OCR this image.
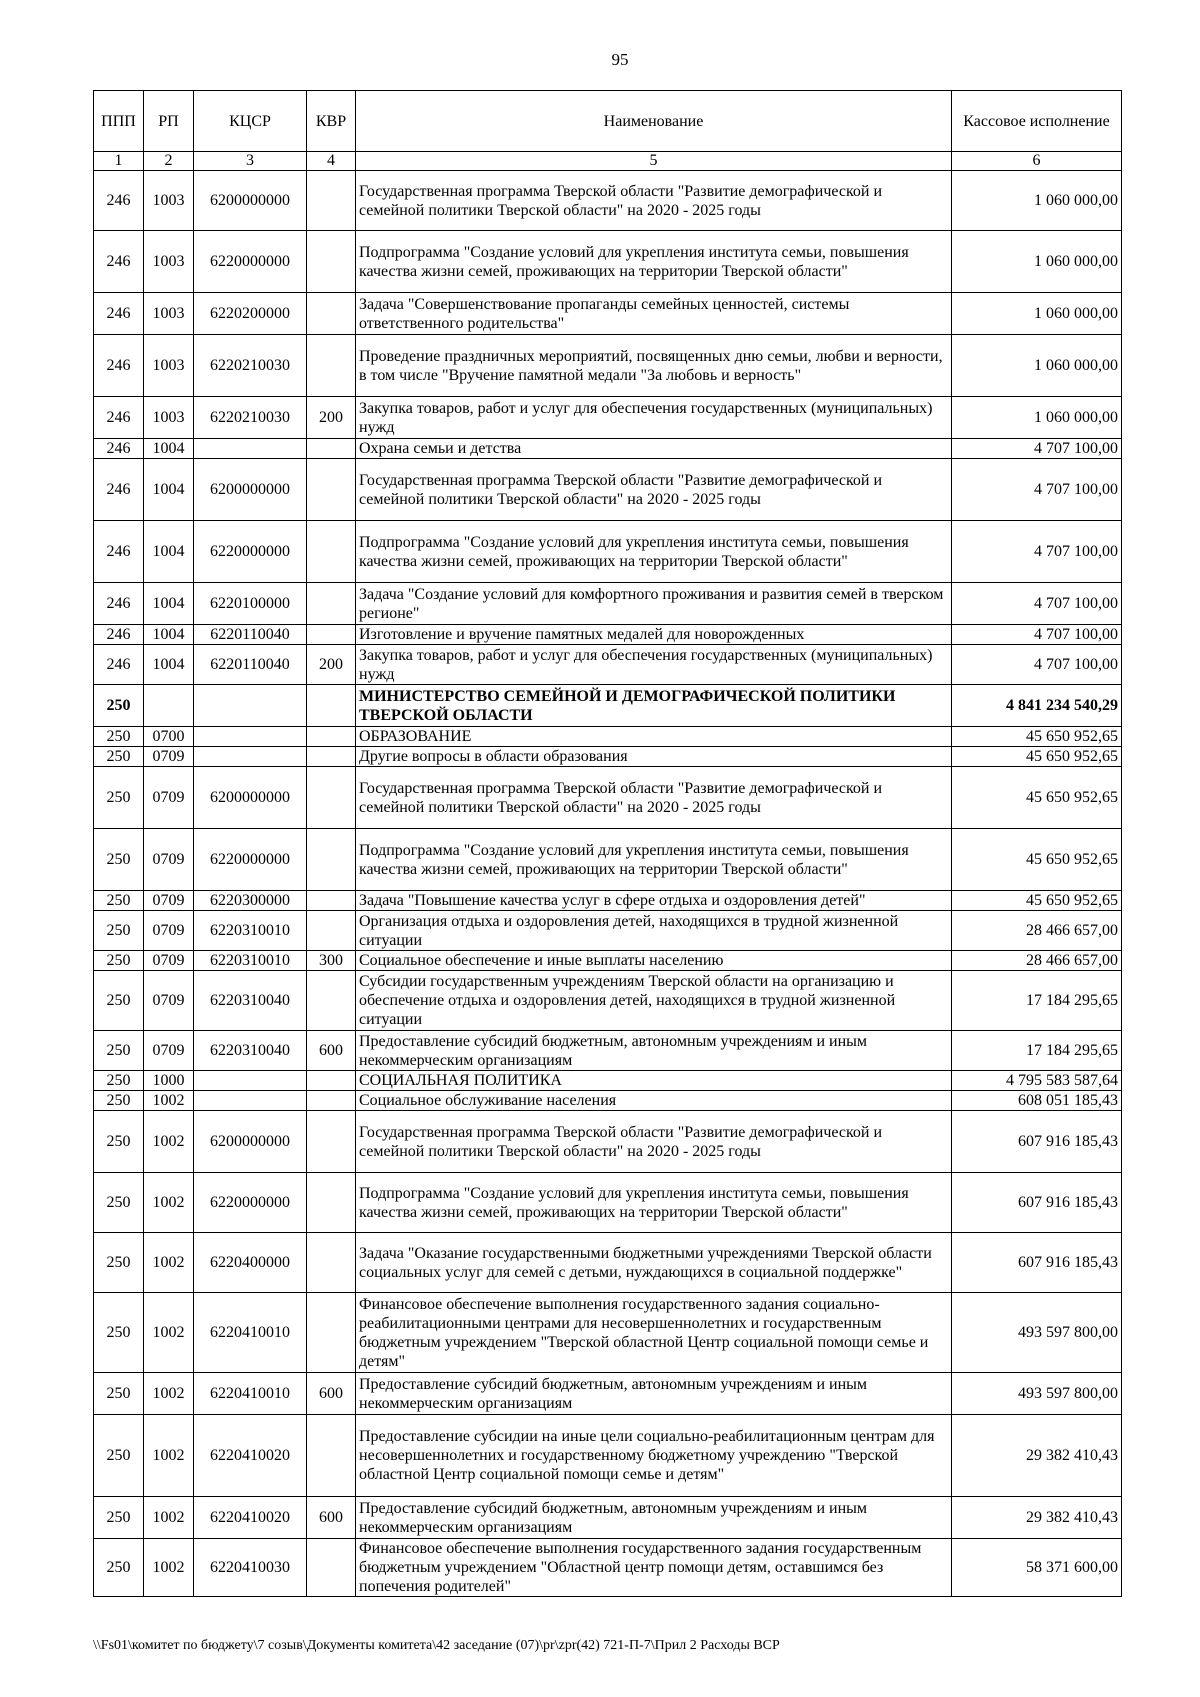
95
ППП	РП	КЦСР	КВР	Наименование	Кассовое исполнение
1	2	3	4	5	6
246	1003	6200000000		Государственная программа Тверской области "Развитие демографической и семейной политики Тверской области" на 2020 - 2025 годы	1 060 000,00
246	1003	6220000000		Подпрограмма "Создание условий для укрепления института семьи, повышения качества жизни семей, проживающих на территории Тверской области"	1 060 000,00
246	1003	6220200000		Задача "Совершенствование пропаганды семейных ценностей, системы ответственного родительства"	1 060 000,00
246	1003	6220210030		Проведение праздничных мероприятий, посвященных дню семьи, любви и верности, в том числе "Вручение памятной медали "За любовь и верность"	1 060 000,00
246	1003	6220210030	200	Закупка товаров, работ и услуг для обеспечения государственных (муниципальных) нужд	1 060 000,00
246	1004			Охрана семьи и детства	4 707 100,00
246	1004	6200000000		Государственная программа Тверской области "Развитие демографической и семейной политики Тверской области" на 2020 - 2025 годы	4 707 100,00
246	1004	6220000000		Подпрограмма "Создание условий для укрепления института семьи, повышения качества жизни семей, проживающих на территории Тверской области"	4 707 100,00
246	1004	6220100000		Задача "Создание условий для комфортного проживания и развития семей в тверском регионе"	4 707 100,00
246	1004	6220110040		Изготовление и вручение памятных медалей для новорожденных	4 707 100,00
246	1004	6220110040	200	Закупка товаров, работ и услуг для обеспечения государственных (муниципальных) нужд	4 707 100,00
250				МИНИСТЕРСТВО СЕМЕЙНОЙ И ДЕМОГРАФИЧЕСКОЙ ПОЛИТИКИ ТВЕРСКОЙ ОБЛАСТИ	4 841 234 540,29
250	0700			ОБРАЗОВАНИЕ	45 650 952,65
250	0709			Другие вопросы в области образования	45 650 952,65
250	0709	6200000000		Государственная программа Тверской области "Развитие демографической и семейной политики Тверской области" на 2020 - 2025 годы	45 650 952,65
250	0709	6220000000		Подпрограмма "Создание условий для укрепления института семьи, повышения качества жизни семей, проживающих на территории Тверской области"	45 650 952,65
250	0709	6220300000		Задача "Повышение качества услуг в сфере отдыха и оздоровления детей"	45 650 952,65
250	0709	6220310010		Организация отдыха и оздоровления детей, находящихся в трудной жизненной ситуации	28 466 657,00
250	0709	6220310010	300	Социальное обеспечение и иные выплаты населению	28 466 657,00
250	0709	6220310040		Субсидии государственным учреждениям Тверской области на организацию и обеспечение отдыха и оздоровления детей, находящихся в трудной жизненной ситуации	17 184 295,65
250	0709	6220310040	600	Предоставление субсидий бюджетным, автономным учреждениям и иным некоммерческим организациям	17 184 295,65
250	1000			СОЦИАЛЬНАЯ ПОЛИТИКА	4 795 583 587,64
250	1002			Социальное обслуживание населения	608 051 185,43
250	1002	6200000000		Государственная программа Тверской области "Развитие демографической и семейной политики Тверской области" на 2020 - 2025 годы	607 916 185,43
250	1002	6220000000		Подпрограмма "Создание условий для укрепления института семьи, повышения качества жизни семей, проживающих на территории Тверской области"	607 916 185,43
250	1002	6220400000		Задача "Оказание государственными бюджетными учреждениями Тверской области социальных услуг для семей с детьми, нуждающихся в социальной поддержке"	607 916 185,43
250	1002	6220410010		Финансовое обеспечение выполнения государственного задания социально-реабилитационными центрами для несовершеннолетних и государственным бюджетным учреждением "Тверской областной Центр социальной помощи семье и детям"	493 597 800,00
250	1002	6220410010	600	Предоставление субсидий бюджетным, автономным учреждениям и иным некоммерческим организациям	493 597 800,00
250	1002	6220410020		Предоставление субсидии на иные цели социально-реабилитационным центрам для несовершеннолетних и государственному бюджетному учреждению "Тверской областной Центр социальной помощи семье и детям"	29 382 410,43
250	1002	6220410020	600	Предоставление субсидий бюджетным, автономным учреждениям и иным некоммерческим организациям	29 382 410,43
250	1002	6220410030		Финансовое обеспечение выполнения государственного задания государственным бюджетным учреждением "Областной центр помощи детям, оставшимся без попечения родителей"	58 371 600,00
\\Fs01\комитет по бюджету\7 созыв\Документы комитета\42 заседание (07)\pr\zpr(42) 721-П-7\Прил 2 Расходы ВСР
